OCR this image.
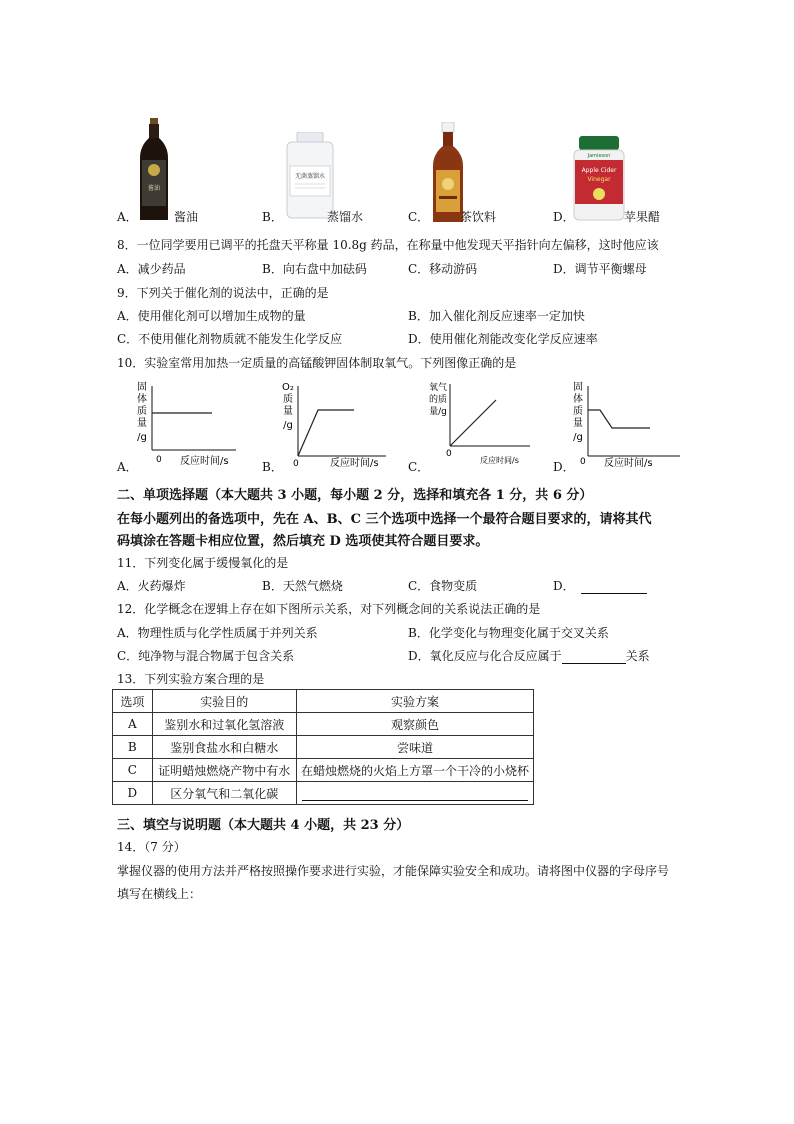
酱油
无菌蒸馏水
Jamieson
Apple Cider
Vinegar
A．	酱油	B．	蒸馏水	C．	茶饮料	D．	苹果醋
8．一位同学要用已调平的托盘天平称量 10.8g 药品，在称量中他发现天平指针向左偏移，这时他应该
A．减少药品	B．向右盘中加砝码	C．移动游码	D．调节平衡螺母
9．下列关于催化剂的说法中，正确的是
A．使用催化剂可以增加生成物的量	B．加入催化剂反应速率一定加快
C．不使用催化剂物质就不能发生化学反应	D．使用催化剂能改变化学反应速率
10．实验室常用加热一定质量的高锰酸钾固体制取氧气。下列图像正确的是
固
体
质
量
/g
0 反应时间/s
O₂
质
量
/g
0	反应时间/s
氧气
的质
量/g
0
反应时间/s
固
体
质
量
/g
0 反应时间/s
A．	B．	C．	D．
二、单项选择题（本大题共 3 小题，每小题 2 分，选择和填充各 1 分，共 6 分）
在每小题列出的备选项中，先在 A、B、C 三个选项中选择一个最符合题目要求的，请将其代
码填涂在答题卡相应位置，然后填充 D 选项使其符合题目要求。
11．下列变化属于缓慢氧化的是
A．火药爆炸	B．天然气燃烧	C．食物变质	D．
12．化学概念在逻辑上存在如下图所示关系，对下列概念间的关系说法正确的是
A．物理性质与化学性质属于并列关系	B．化学变化与物理变化属于交叉关系
C．纯净物与混合物属于包含关系	D．氧化反应与化合反应属于	关系
13．下列实验方案合理的是
选项	实验目的	实验方案
A	鉴别水和过氧化氢溶液	观察颜色
B	鉴别食盐水和白糖水	尝味道
C	证明蜡烛燃烧产物中有水	在蜡烛燃烧的火焰上方罩一个干冷的小烧杯
D	区分氧气和二氧化碳	
三、填空与说明题（本大题共 4 小题，共 23 分）
14．（7 分）
掌握仪器的使用方法并严格按照操作要求进行实验，才能保障实验安全和成功。请将图中仪器的字母序号
填写在横线上：
